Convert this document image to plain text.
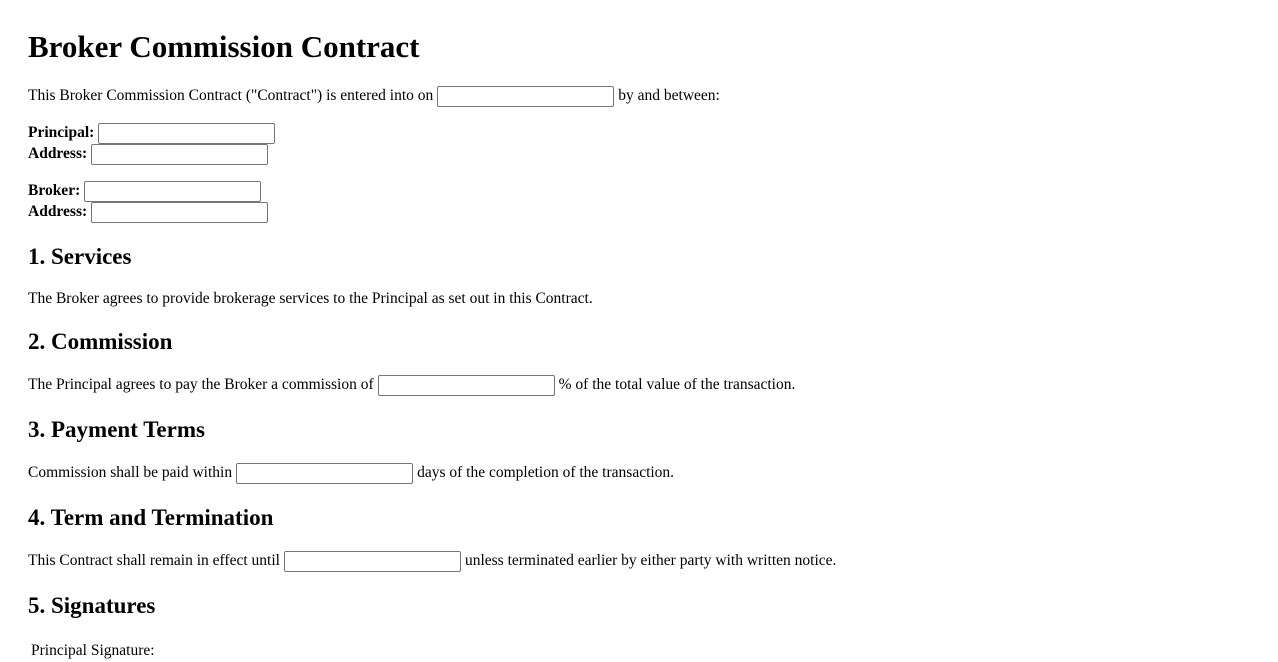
Broker Commission Contract
This Broker Commission Contract ("Contract") is entered into on	by and between:
Principal:
Address:
Broker:
Address:
1. Services
The Broker agrees to provide brokerage services to the Principal as set out in this Contract.
2. Commission
The Principal agrees to pay the Broker a commission of	% of the total value of the transaction.
3. Payment Terms
Commission shall be paid within	days of the completion of the transaction.
4. Term and Termination
This Contract shall remain in effect until	unless terminated earlier by either party with written notice.
5. Signatures
Principal Signature:
